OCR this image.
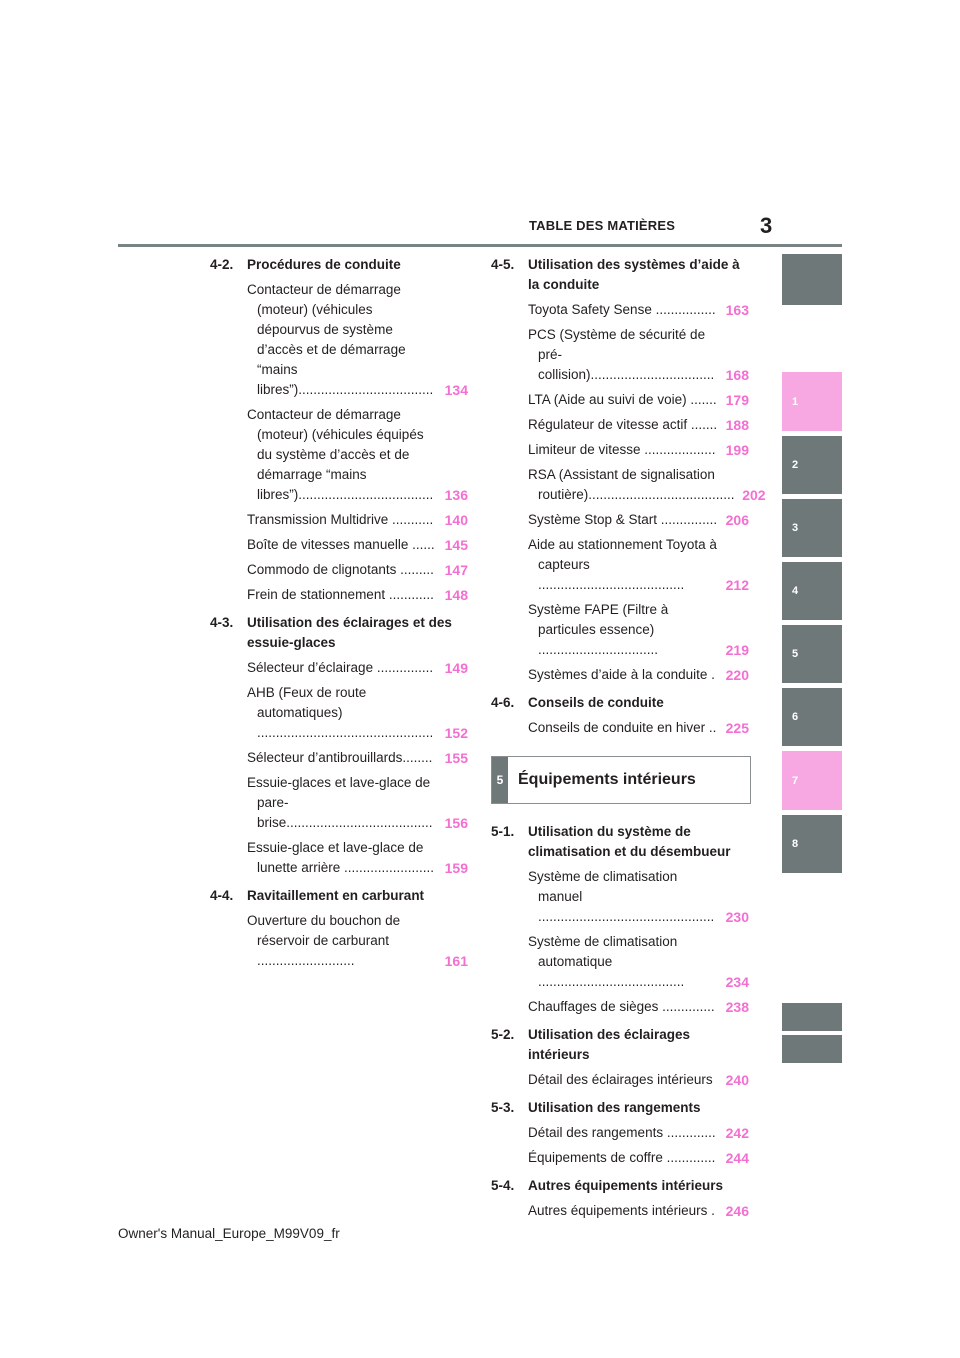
TABLE DES MATIÈRES	3
4-2.	Procédures de conduite
Contacteur de démarrage (moteur) (véhicules dépourvus de système d’accès et de démarrage “mains libres”).................................... 134
Contacteur de démarrage (moteur) (véhicules équipés du système d’accès et de démarrage “mains libres”).................................... 136
Transmission Multidrive ........... 140
Boîte de vitesses manuelle ...... 145
Commodo de clignotants ......... 147
Frein de stationnement ............ 148
4-3.	Utilisation des éclairages et des essuie-glaces
Sélecteur d’éclairage ............... 149
AHB (Feux de route automatiques) ............................................... 152
Sélecteur d’antibrouillards........ 155
Essuie-glaces et lave-glace de pare-brise....................................... 156
Essuie-glace et lave-glace de lunette arrière ........................ 159
4-4.	Ravitaillement en carburant
Ouverture du bouchon de réservoir de carburant ..........................	161
4-5.	Utilisation des systèmes d’aide à la conduite
Toyota Safety Sense ................ 163
PCS (Système de sécurité de pré-collision)................................. 168
LTA (Aide au suivi de voie) ....... 179
Régulateur de vitesse actif ....... 188
Limiteur de vitesse ................... 199
RSA (Assistant de signalisation routière)....................................... 202
Système Stop & Start ............... 206
Aide au stationnement Toyota à capteurs .......................................	212
Système FAPE (Filtre à particules essence) ................................	219
Systèmes d’aide à la conduite . 220
4-6.	Conseils de conduite
Conseils de conduite en hiver .. 225
5 Équipements intérieurs
5-1.	Utilisation du système de climatisation et du désembueur
Système de climatisation manuel ............................................... 230
Système de climatisation automatique .......................................	234
Chauffages de sièges .............. 238
5-2.	Utilisation des éclairages intérieurs
Détail des éclairages intérieurs 240
5-3.	Utilisation des rangements
Détail des rangements ............. 242
Équipements de coffre ............. 244
5-4.	Autres équipements intérieurs
Autres équipements intérieurs . 246
1
2
3
4
5
6
7
8
Owner's Manual_Europe_M99V09_fr
